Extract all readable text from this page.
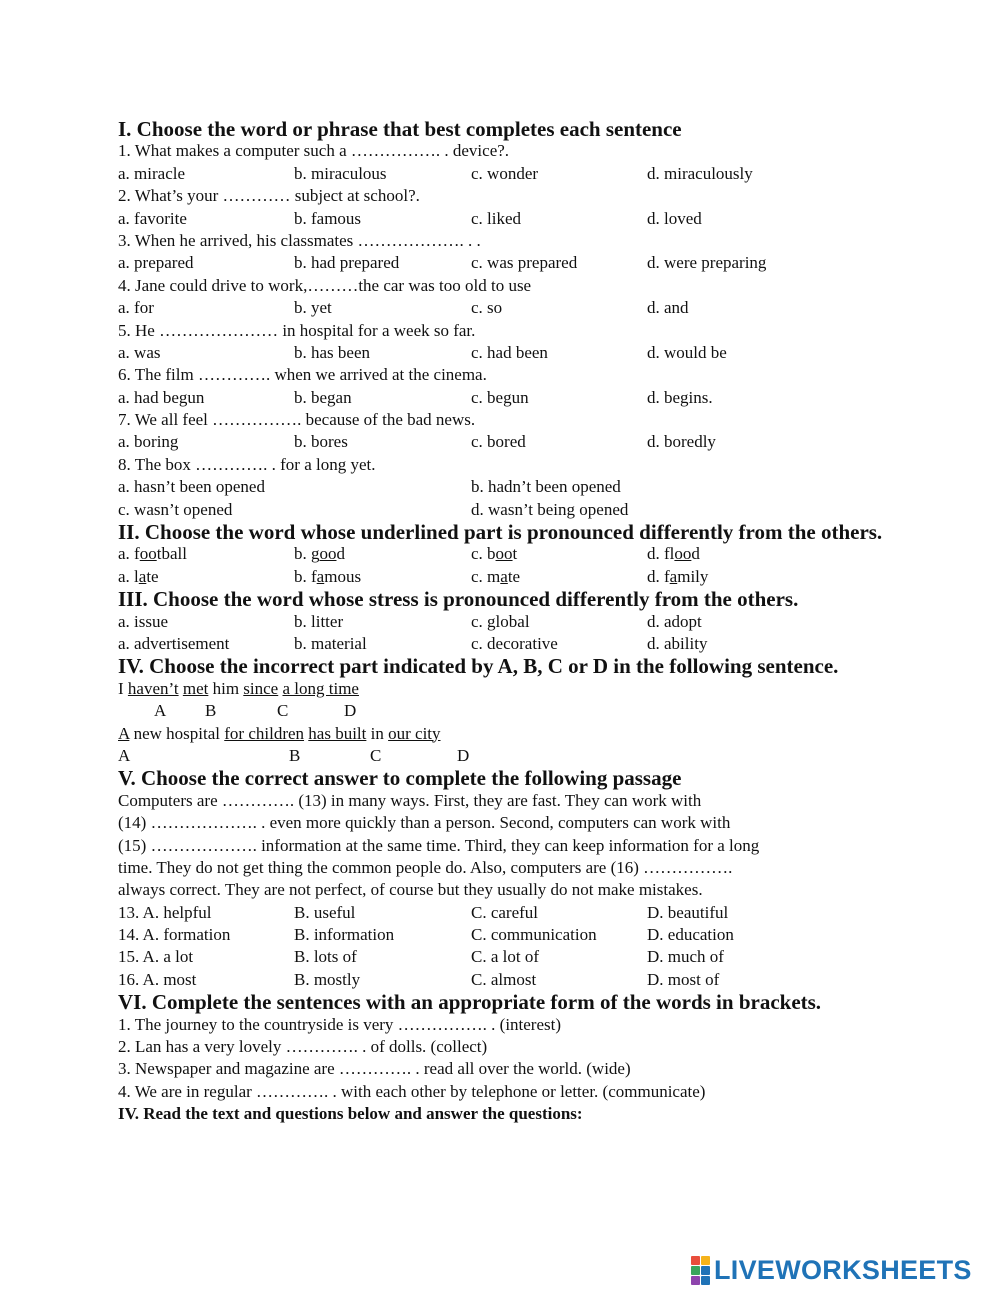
I. Choose the word or phrase that best completes each sentence
1. What makes a computer such a ……………. . device?.
a. miracle	b. miraculous	c. wonder	d. miraculously
2. What’s your ………… subject at school?.
a. favorite	b. famous	c. liked	d. loved
3. When he arrived, his classmates ………………. . .
a. prepared	b. had prepared	c. was prepared	d. were preparing
4. Jane could drive to work,………the car was too old to use
a. for	b. yet	c. so	d. and
5. He ………………… in hospital for a week so far.
a. was	b. has been	c. had been	d. would be
6. The film …………. when we arrived at the cinema.
a. had begun	b. began	c. begun	d. begins.
7. We all feel ……………. because of the bad news.
a. boring	b. bores	c. bored	d. boredly
8. The box …………. . for a long yet.
a. hasn’t been opened	b. hadn’t been opened
c. wasn’t opened	d. wasn’t being opened
II. Choose the word whose underlined part is pronounced differently from the others.
a. football	b. good	c. boot	d. flood
a. late	b. famous	c. mate	d. family
III. Choose the word whose stress is pronounced differently from the others.
a. issue	b. litter	c. global	d. adopt
a. advertisement	b. material	c. decorative	d. ability
IV. Choose the incorrect part indicated by A, B, C or D in the following sentence.
I haven’t met him since a long time
A B	C	D
A new hospital for children has built in our city
A	B	C	D
V. Choose the correct answer to complete the following passage
Computers are …………. (13) in many ways. First, they are fast. They can work with
(14) ………………. . even more quickly than a person. Second, computers can work with
(15) ………………. information at the same time. Third, they can keep information for a long
time. They do not get thing the common people do. Also, computers are (16) …………….
always correct. They are not perfect, of course but they usually do not make mistakes.
13. A. helpful	B. useful	C. careful	D. beautiful
14. A. formation	B. information	C. communication	D. education
15. A. a lot	B. lots of	C. a lot of	D. much of
16. A. most	B. mostly	C. almost	D. most of
VI. Complete the sentences with an appropriate form of the words in brackets.
1. The journey to the countryside is very ……………. . (interest)
2. Lan has a very lovely …………. . of dolls. (collect)
3. Newspaper and magazine are …………. . read all over the world. (wide)
4. We are in regular …………. . with each other by telephone or letter. (communicate)
IV. Read the text and questions below and answer the questions:
LIVEWORKSHEETS
